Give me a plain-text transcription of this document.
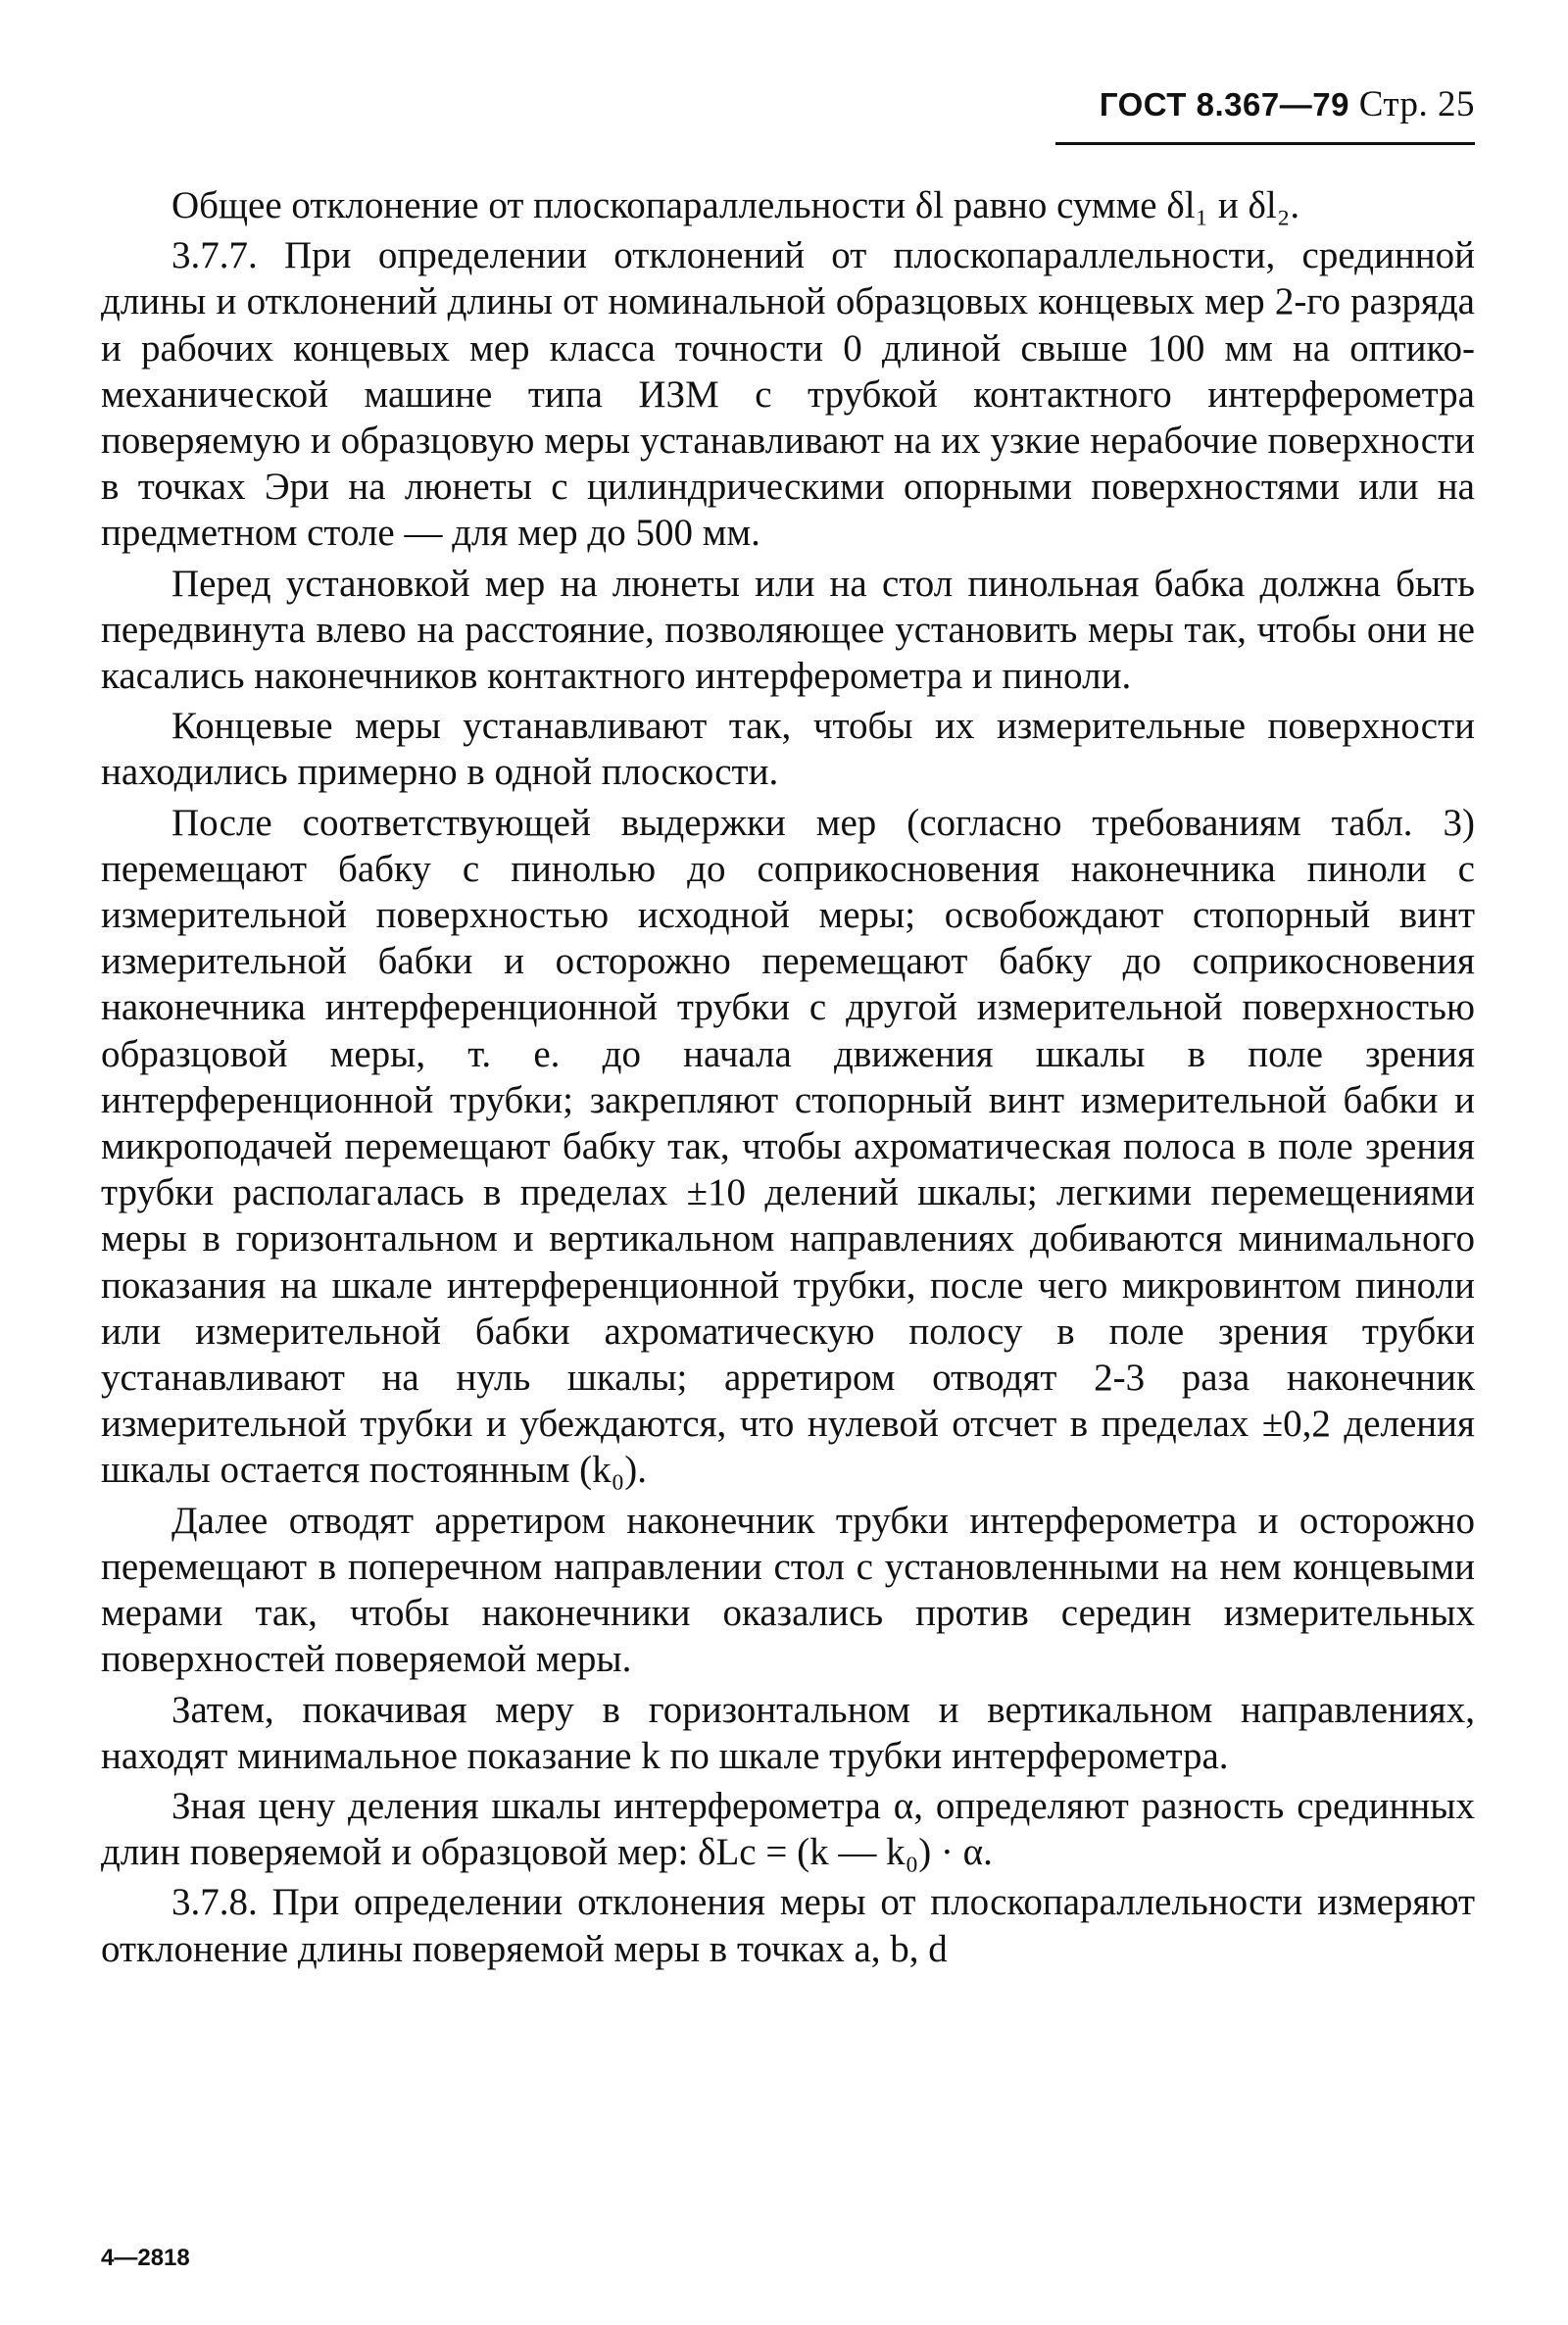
ГОСТ 8.367—79 Стр. 25

Общее отклонение от плоскопараллельности δl равно сумме δl₁ и δl₂.

3.7.7. При определении отклонений от плоскопараллельности, срединной длины и отклонений длины от номинальной образцовых концевых мер 2-го разряда и рабочих концевых мер класса точности 0 длиной свыше 100 мм на оптико-механической машине типа ИЗМ с трубкой контактного интерферометра поверяемую и образцовую меры устанавливают на их узкие нерабочие поверхности в точках Эри на люнеты с цилиндрическими опорными поверхностями или на предметном столе — для мер до 500 мм.

Перед установкой мер на люнеты или на стол пинольная бабка должна быть передвинута влево на расстояние, позволяющее установить меры так, чтобы они не касались наконечников контактного интерферометра и пиноли.

Концевые меры устанавливают так, чтобы их измерительные поверхности находились примерно в одной плоскости.

После соответствующей выдержки мер (согласно требованиям табл. 3) перемещают бабку с пинолью до соприкосновения наконечника пиноли с измерительной поверхностью исходной меры; освобождают стопорный винт измерительной бабки и осторожно перемещают бабку до соприкосновения наконечника интерференционной трубки с другой измерительной поверхностью образцовой меры, т. е. до начала движения шкалы в поле зрения интерференционной трубки; закрепляют стопорный винт измерительной бабки и микроподачей перемещают бабку так, чтобы ахроматическая полоса в поле зрения трубки располагалась в пределах ±10 делений шкалы; легкими перемещениями меры в горизонтальном и вертикальном направлениях добиваются минимального показания на шкале интерференционной трубки, после чего микровинтом пиноли или измерительной бабки ахроматическую полосу в поле зрения трубки устанавливают на нуль шкалы; арретиром отводят 2-3 раза наконечник измерительной трубки и убеждаются, что нулевой отсчет в пределах ±0,2 деления шкалы остается постоянным (k₀).

Далее отводят арретиром наконечник трубки интерферометра и осторожно перемещают в поперечном направлении стол с установленными на нем концевыми мерами так, чтобы наконечники оказались против середин измерительных поверхностей поверяемой меры.

Затем, покачивая меру в горизонтальном и вертикальном направлениях, находят минимальное показание k по шкале трубки интерферометра.

Зная цену деления шкалы интерферометра α, определяют разность срединных длин поверяемой и образцовой мер: δLс = (k — k₀) · α.

3.7.8. При определении отклонения меры от плоскопараллельности измеряют отклонение длины поверяемой меры в точках a, b, d

4—2818
